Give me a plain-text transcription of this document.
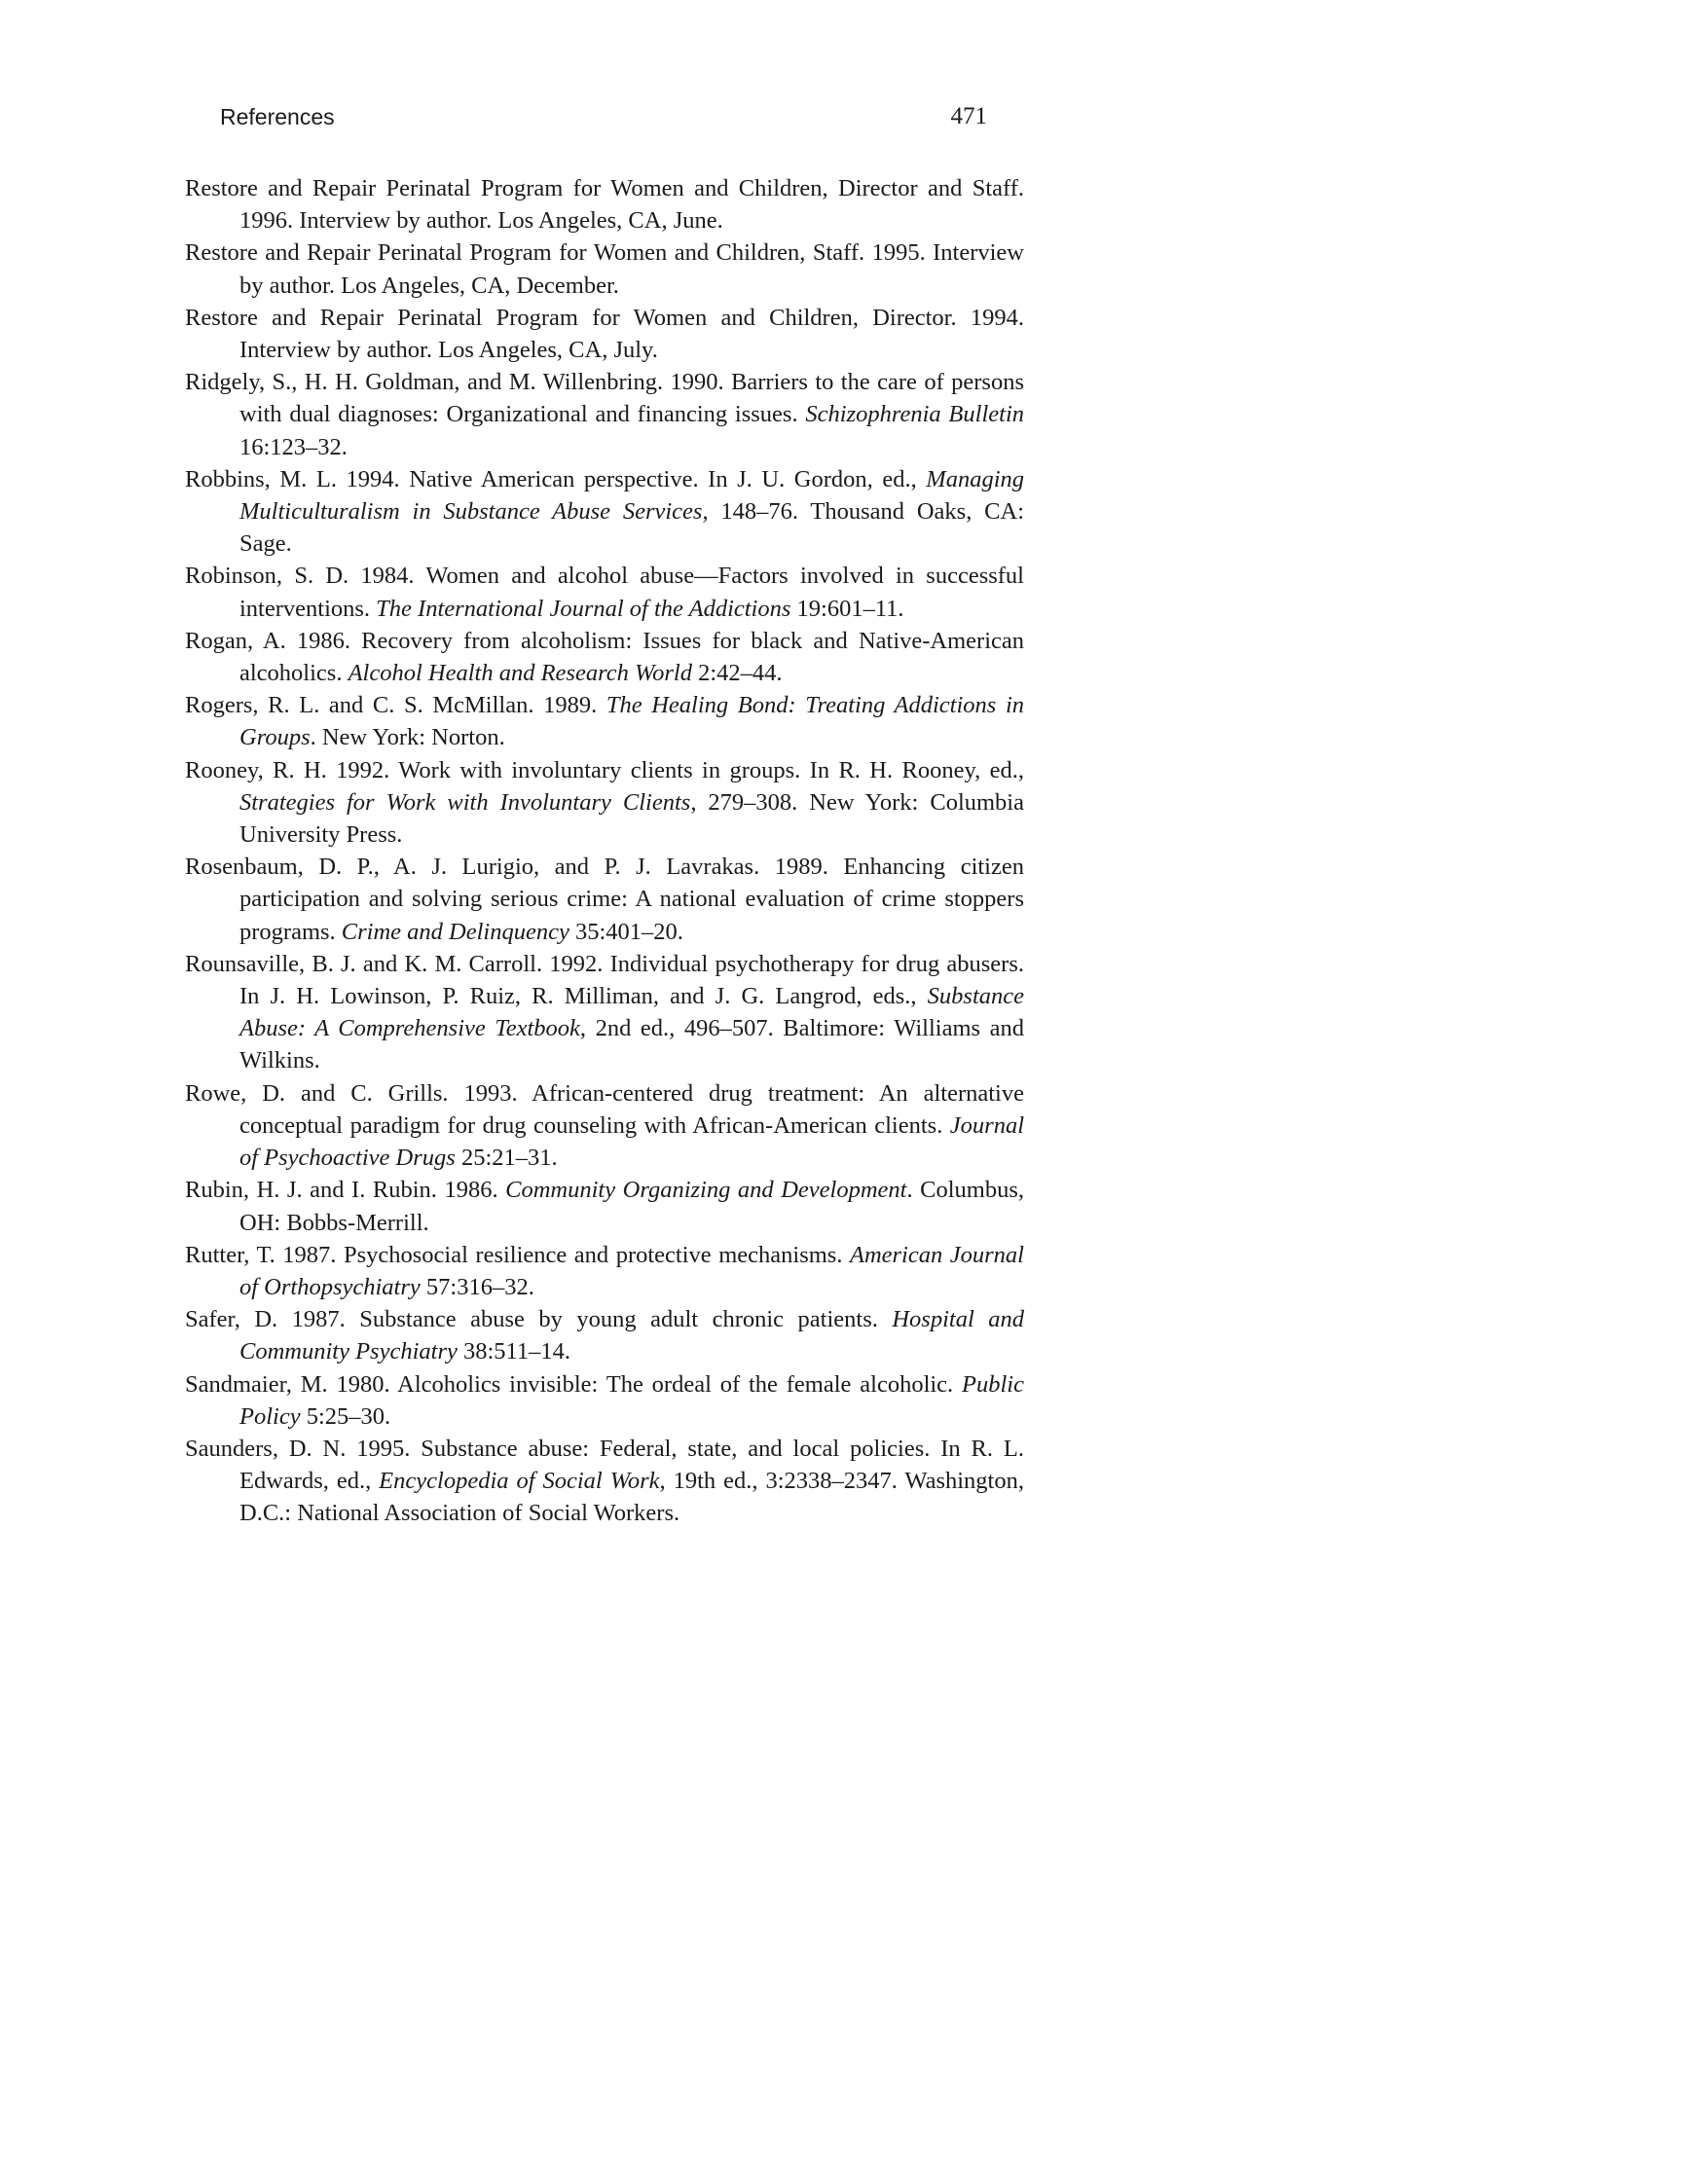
References	471
Restore and Repair Perinatal Program for Women and Children, Director and Staff. 1996. Interview by author. Los Angeles, CA, June.
Restore and Repair Perinatal Program for Women and Children, Staff. 1995. Interview by author. Los Angeles, CA, December.
Restore and Repair Perinatal Program for Women and Children, Director. 1994. Interview by author. Los Angeles, CA, July.
Ridgely, S., H. H. Goldman, and M. Willenbring. 1990. Barriers to the care of persons with dual diagnoses: Organizational and financing issues. Schizophrenia Bulletin 16:123–32.
Robbins, M. L. 1994. Native American perspective. In J. U. Gordon, ed., Managing Multiculturalism in Substance Abuse Services, 148–76. Thousand Oaks, CA: Sage.
Robinson, S. D. 1984. Women and alcohol abuse—Factors involved in successful interventions. The International Journal of the Addictions 19:601–11.
Rogan, A. 1986. Recovery from alcoholism: Issues for black and Native-American alcoholics. Alcohol Health and Research World 2:42–44.
Rogers, R. L. and C. S. McMillan. 1989. The Healing Bond: Treating Addictions in Groups. New York: Norton.
Rooney, R. H. 1992. Work with involuntary clients in groups. In R. H. Rooney, ed., Strategies for Work with Involuntary Clients, 279–308. New York: Columbia University Press.
Rosenbaum, D. P., A. J. Lurigio, and P. J. Lavrakas. 1989. Enhancing citizen participation and solving serious crime: A national evaluation of crime stoppers programs. Crime and Delinquency 35:401–20.
Rounsaville, B. J. and K. M. Carroll. 1992. Individual psychotherapy for drug abusers. In J. H. Lowinson, P. Ruiz, R. Milliman, and J. G. Langrod, eds., Substance Abuse: A Comprehensive Textbook, 2nd ed., 496–507. Baltimore: Williams and Wilkins.
Rowe, D. and C. Grills. 1993. African-centered drug treatment: An alternative conceptual paradigm for drug counseling with African-American clients. Journal of Psychoactive Drugs 25:21–31.
Rubin, H. J. and I. Rubin. 1986. Community Organizing and Development. Columbus, OH: Bobbs-Merrill.
Rutter, T. 1987. Psychosocial resilience and protective mechanisms. American Journal of Orthopsychiatry 57:316–32.
Safer, D. 1987. Substance abuse by young adult chronic patients. Hospital and Community Psychiatry 38:511–14.
Sandmaier, M. 1980. Alcoholics invisible: The ordeal of the female alcoholic. Public Policy 5:25–30.
Saunders, D. N. 1995. Substance abuse: Federal, state, and local policies. In R. L. Edwards, ed., Encyclopedia of Social Work, 19th ed., 3:2338–2347. Washington, D.C.: National Association of Social Workers.
